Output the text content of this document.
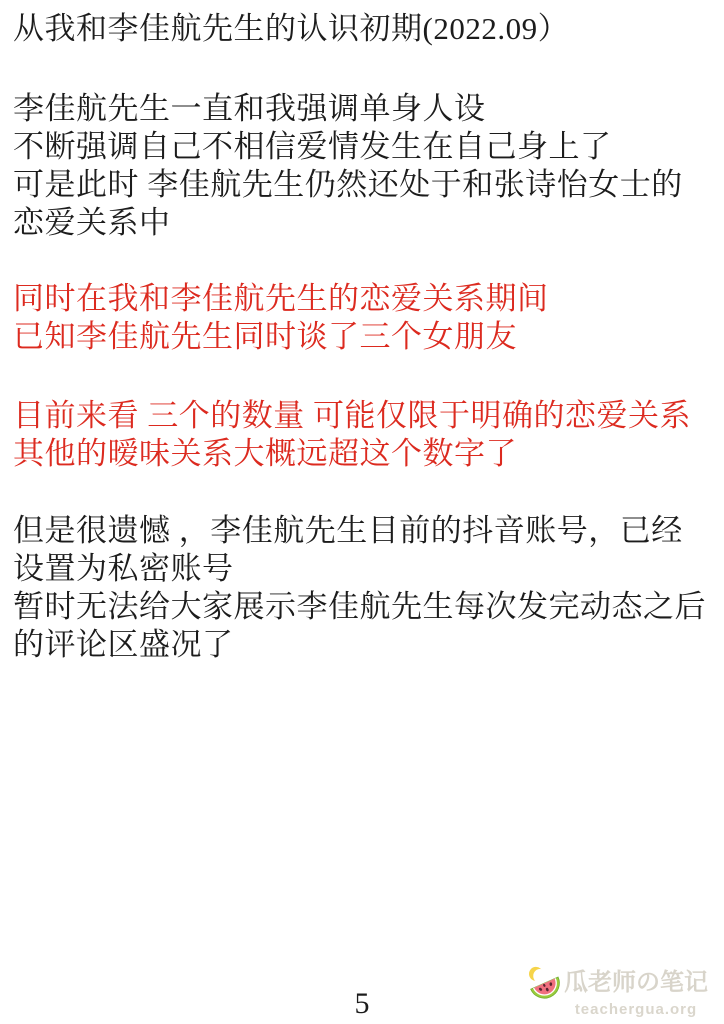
从我和李佳航先生的认识初期(2022.09）
李佳航先生一直和我强调单身人设
不断强调自己不相信爱情发生在自己身上了
可是此时 李佳航先生仍然还处于和张诗怡女士的
恋爱关系中
同时在我和李佳航先生的恋爱关系期间
已知李佳航先生同时谈了三个女朋友
目前来看 三个的数量 可能仅限于明确的恋爱关系
其他的暧味关系大概远超这个数字了
但是很遗憾 ，李佳航先生目前的抖音账号，已经
设置为私密账号
暂时无法给大家展示李佳航先生每次发完动态之后
的评论区盛况了
5
瓜老师の笔记
teachergua.org
